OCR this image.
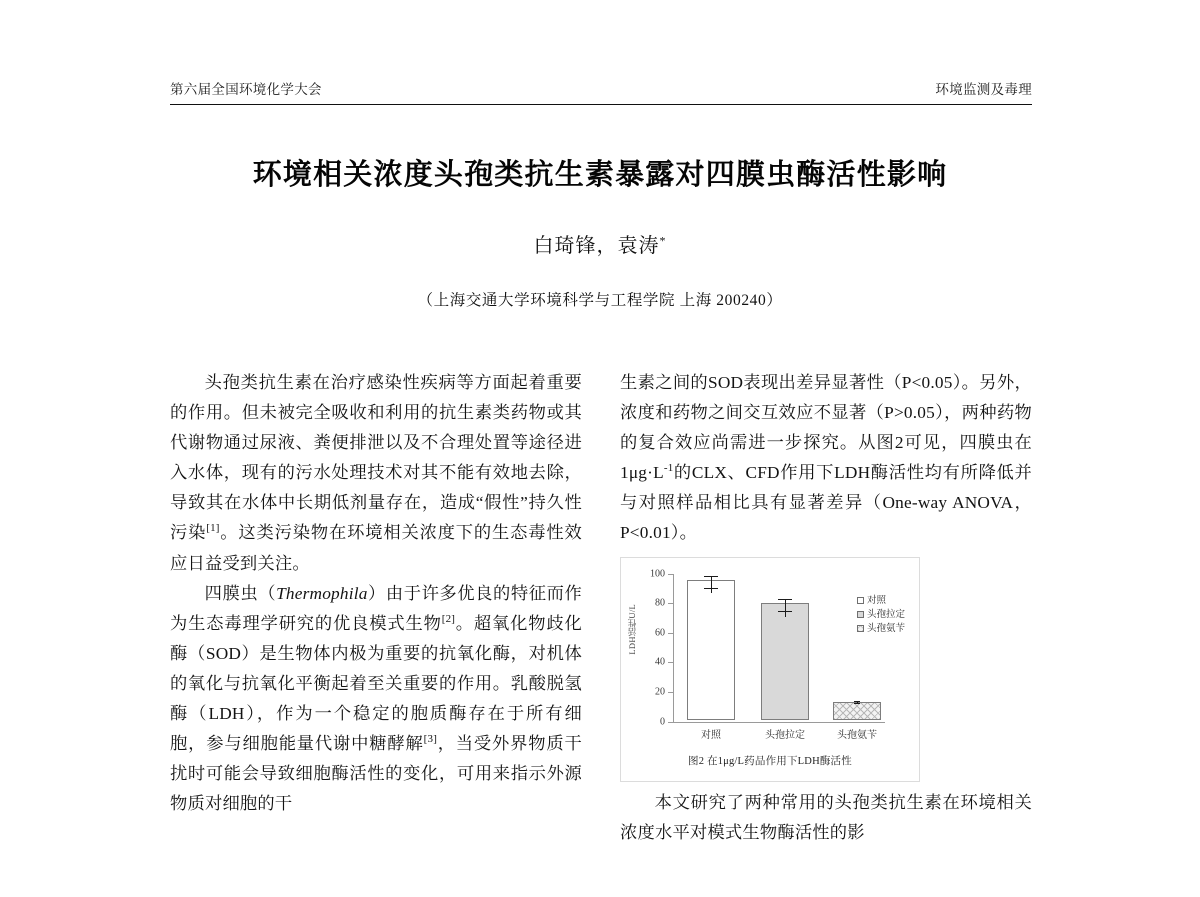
第六届全国环境化学大会	环境监测及毒理
环境相关浓度头孢类抗生素暴露对四膜虫酶活性影响
白琦锋，袁涛*
（上海交通大学环境科学与工程学院 上海 200240）

头孢类抗生素在治疗感染性疾病等方面起着重要的作用。但未被完全吸收和利用的抗生素类药物或其代谢物通过尿液、粪便排泄以及不合理处置等途径进入水体，现有的污水处理技术对其不能有效地去除，导致其在水体中长期低剂量存在，造成“假性”持久性污染[1]。这类污染物在环境相关浓度下的生态毒性效应日益受到关注。

四膜虫（Thermophila）由于许多优良的特征而作为生态毒理学研究的优良模式生物[2]。超氧化物歧化酶（SOD）是生物体内极为重要的抗氧化酶，对机体的氧化与抗氧化平衡起着至关重要的作用。乳酸脱氢酶（LDH），作为一个稳定的胞质酶存在于所有细胞，参与细胞能量代谢中糖酵解[3]，当受外界物质干扰时可能会导致细胞酶活性的变化，可用来指示外源物质对细胞的干

生素之间的SOD表现出差异显著性（P<0.05）。另外，浓度和药物之间交互效应不显著（P>0.05），两种药物的复合效应尚需进一步探究。从图2可见，四膜虫在$1\mu g\cdot L^{-1}$的CLX、CFD作用下LDH酶活性均有所降低并与对照样品相比具有显著差异（One-way ANOVA，P<0.01）。

LDH活性U/L
0
20
40
60
80
100
对照	头孢拉定	头孢氨苄
对照
头孢拉定
头孢氨苄
图2 在1μg/L药品作用下LDH酶活性

本文研究了两种常用的头孢类抗生素在环境相关浓度水平对模式生物酶活性的影
